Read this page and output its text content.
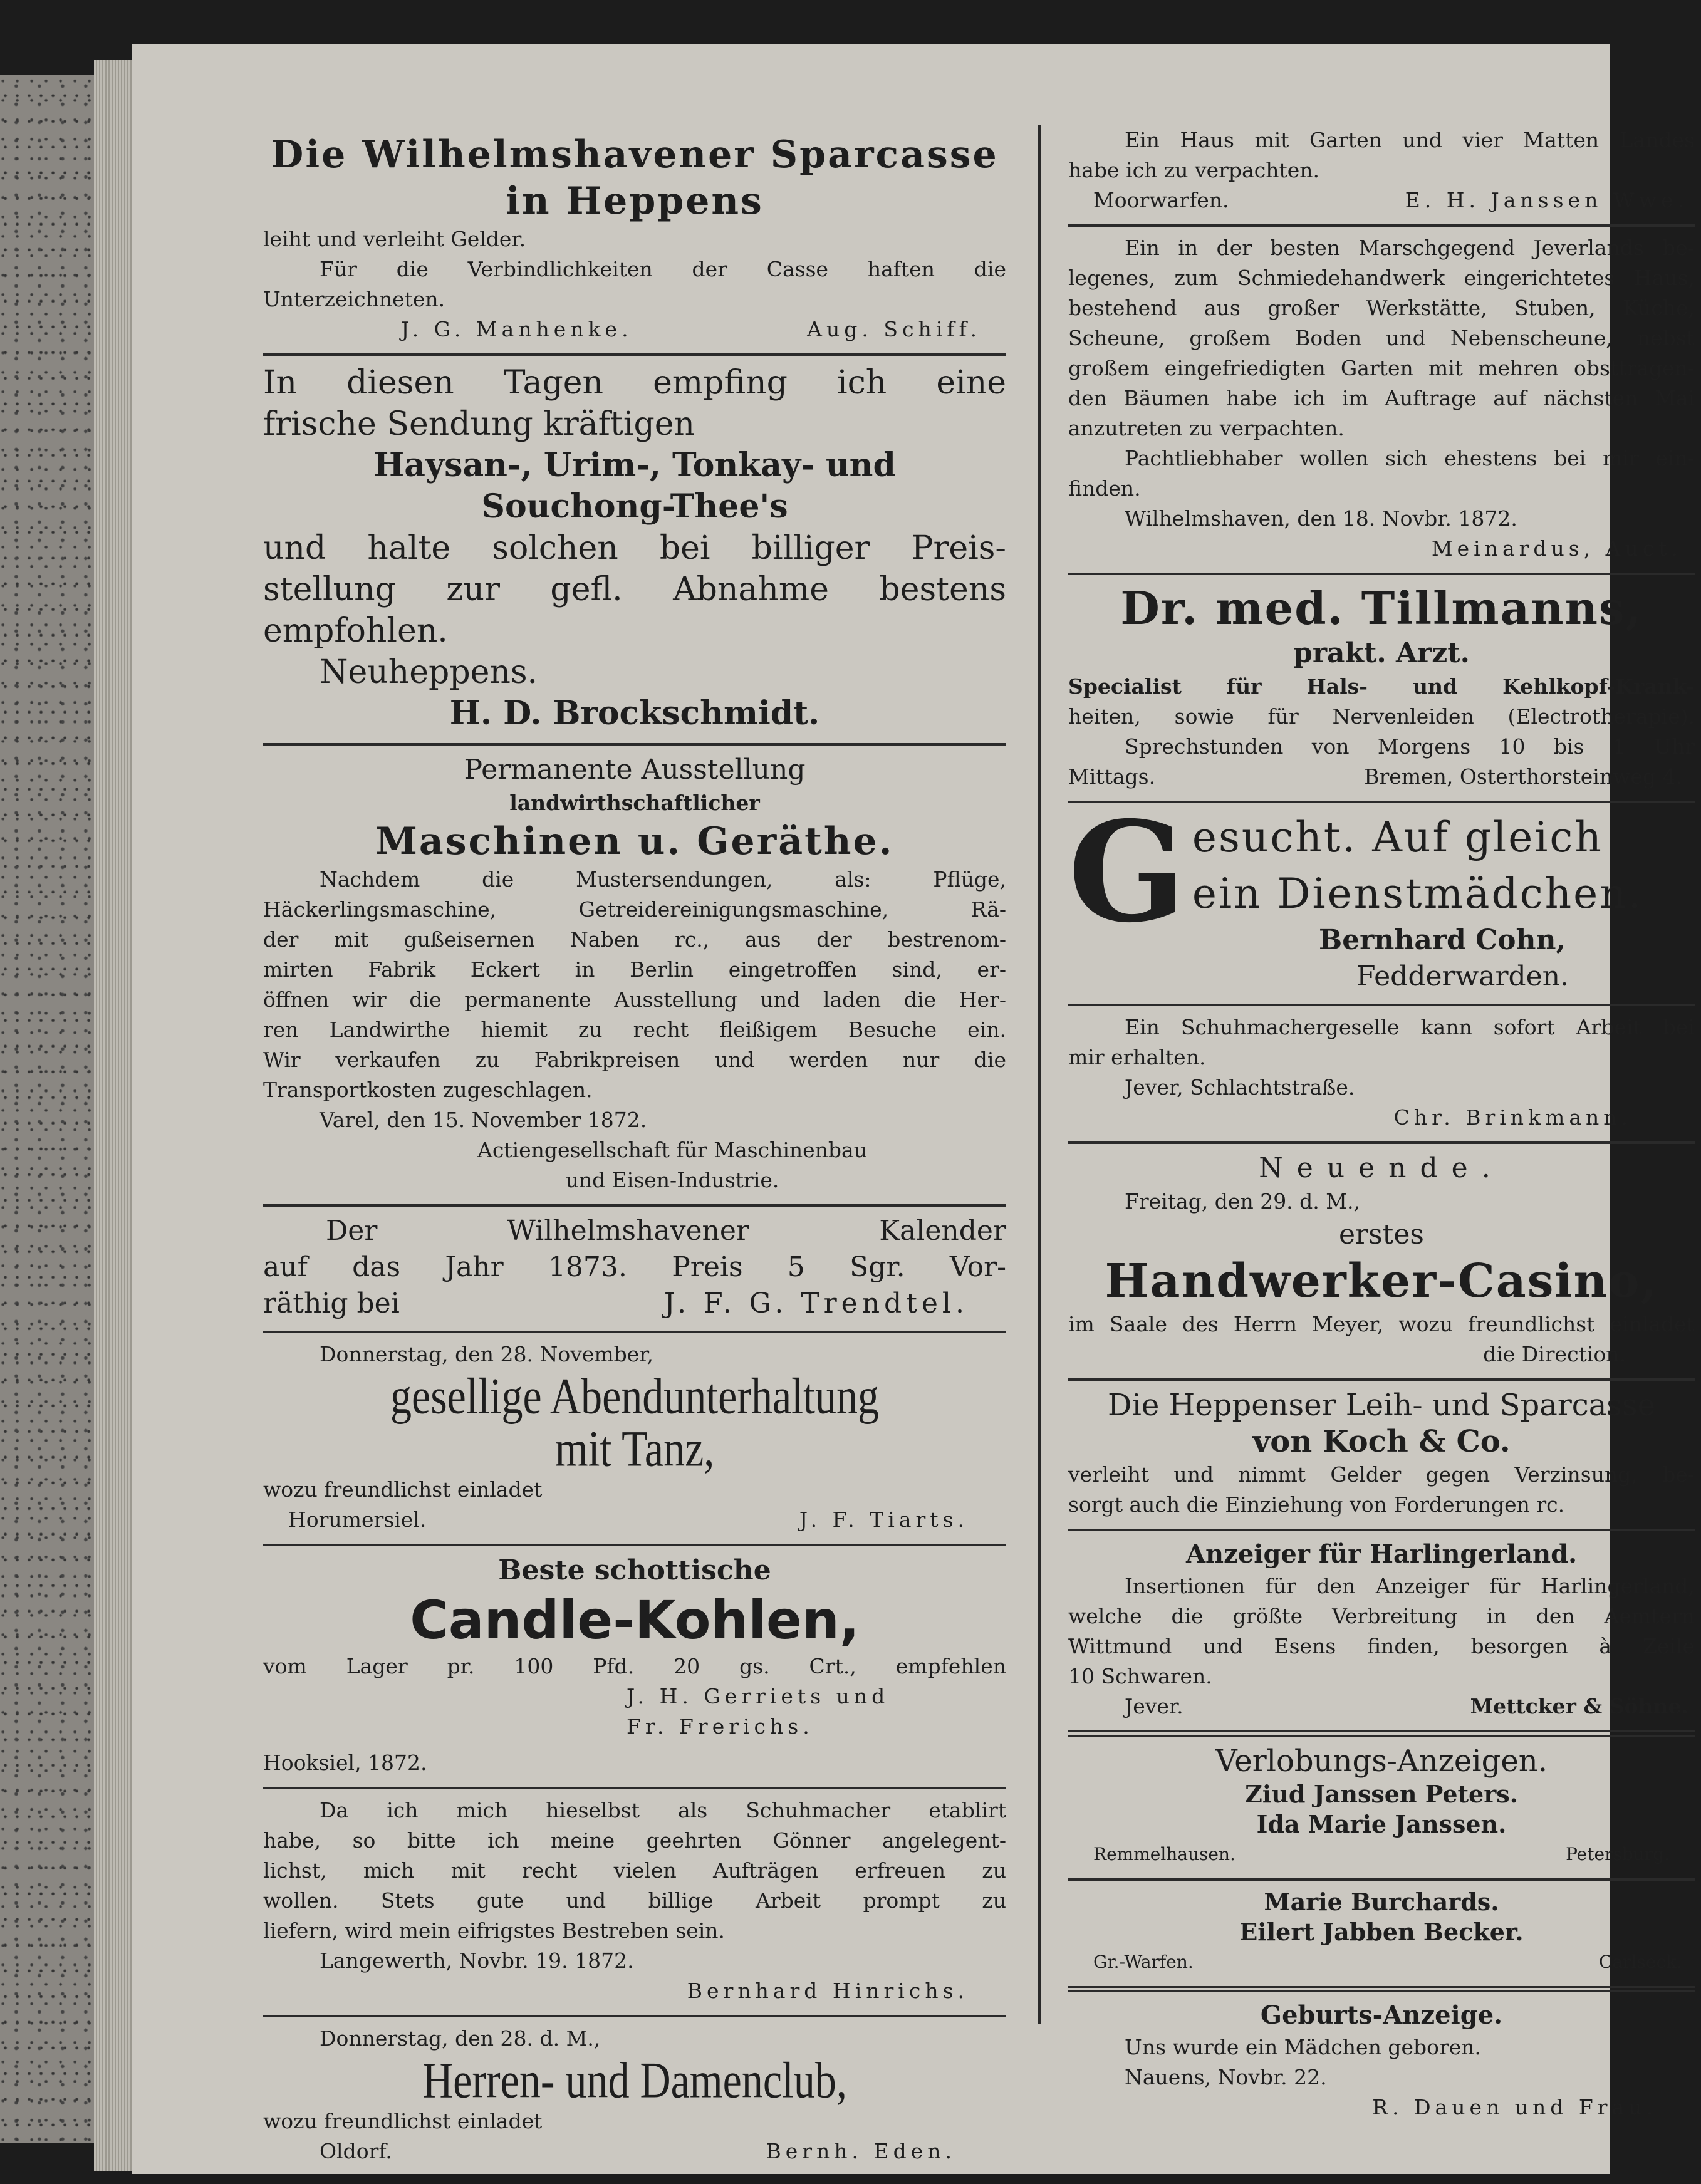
Die Wilhelmshavener Sparcasse
in Heppens
leiht und verleiht Gelder.
Für die Verbindlichkeiten der Casse haften die
Unterzeichneten.
J. G. Manhenke.	Aug. Schiff.
In diesen Tagen empfing ich eine
frische Sendung kräftigen
Haysan-, Urim-, Tonkay- und
Souchong-Thee's
und halte solchen bei billiger Preis-
stellung zur gefl. Abnahme bestens
empfohlen.
Neuheppens.
H. D. Brockschmidt.
Permanente Ausstellung
landwirthschaftlicher
Maschinen u. Geräthe.
Nachdem die Mustersendungen, als: Pflüge,
Häckerlingsmaschine, Getreidereinigungsmaschine, Rä-
der mit gußeisernen Naben rc., aus der bestrenom-
mirten Fabrik Eckert in Berlin eingetroffen sind, er-
öffnen wir die permanente Ausstellung und laden die Her-
ren Landwirthe hiemit zu recht fleißigem Besuche ein.
Wir verkaufen zu Fabrikpreisen und werden nur die
Transportkosten zugeschlagen.
Varel, den 15. November 1872.
Actiengesellschaft für Maschinenbau
und Eisen-Industrie.
Der Wilhelmshavener Kalender
auf das Jahr 1873. Preis 5 Sgr. Vor-
räthig bei	J. F. G. Trendtel.
Donnerstag, den 28. November,
gesellige Abendunterhaltung
mit Tanz,
wozu freundlichst einladet
Horumersiel.	J. F. Tiarts.
Beste schottische
Candle-Kohlen,
vom Lager pr. 100 Pfd. 20 gs. Crt., empfehlen
J. H. Gerriets und
Fr. Frerichs.
Hooksiel, 1872.
Da ich mich hieselbst als Schuhmacher etablirt
habe, so bitte ich meine geehrten Gönner angelegent-
lichst, mich mit recht vielen Aufträgen erfreuen zu
wollen. Stets gute und billige Arbeit prompt zu
liefern, wird mein eifrigstes Bestreben sein.
Langewerth, Novbr. 19. 1872.
Bernhard Hinrichs.
Donnerstag, den 28. d. M.,
Herren- und Damenclub,
wozu freundlichst einladet
Oldorf.	Bernh. Eden.
Ein Haus mit Garten und vier Matten Landes
habe ich zu verpachten.
Moorwarfen.	E. H. Janssen Wwe.
Ein in der besten Marschgegend Jeverlands be-
legenes, zum Schmiedehandwerk eingerichtetes Haus,
bestehend aus großer Werkstätte, Stuben, Küche,
Scheune, großem Boden und Nebenscheune, nebst
großem eingefriedigten Garten mit mehren obsttragen-
den Bäumen habe ich im Auftrage auf nächsten Mai
anzutreten zu verpachten.
Pachtliebhaber wollen sich ehestens bei mir ein-
finden.
Wilhelmshaven, den 18. Novbr. 1872.
Meinardus, Auct.
Dr. med. Tillmanns,
prakt. Arzt.
Specialist für Hals- und Kehlkopf-Krank-
heiten, sowie für Nervenleiden (Electrotherapie).
Sprechstunden von Morgens 10 bis 1 Uhr
Mittags.	Bremen, Osterthorsteinweg 4.
G esucht. Auf gleich
ein Dienstmädchen.
Bernhard Cohn,
Fedderwarden.
Ein Schuhmachergeselle kann sofort Arbeit bei
mir erhalten.
Jever, Schlachtstraße.
Chr. Brinkmann.
Neuende.
Freitag, den 29. d. M.,
erstes
Handwerker-Casino,
im Saale des Herrn Meyer, wozu freundlichst einladet
die Direction.
Die Heppenser Leih- und Sparcasse
von Koch & Co.
verleiht und nimmt Gelder gegen Verzinsung, be-
sorgt auch die Einziehung von Forderungen rc.
Anzeiger für Harlingerland.
Insertionen für den Anzeiger für Harlingerland,
welche die größte Verbreitung in den Aemtern
Wittmund und Esens finden, besorgen à Zeile
10 Schwaren.
Jever.	Mettcker & Söhne.
Verlobungs-Anzeigen.
Ziud Janssen Peters.
Ida Marie Janssen.
Remmelhausen.	Petersburg.
Marie Burchards.
Eilert Jabben Becker.
Gr.-Warfen.	Carlseck.
Geburts-Anzeige.
Uns wurde ein Mädchen geboren.
Nauens, Novbr. 22.
R. Dauen und Frau.
